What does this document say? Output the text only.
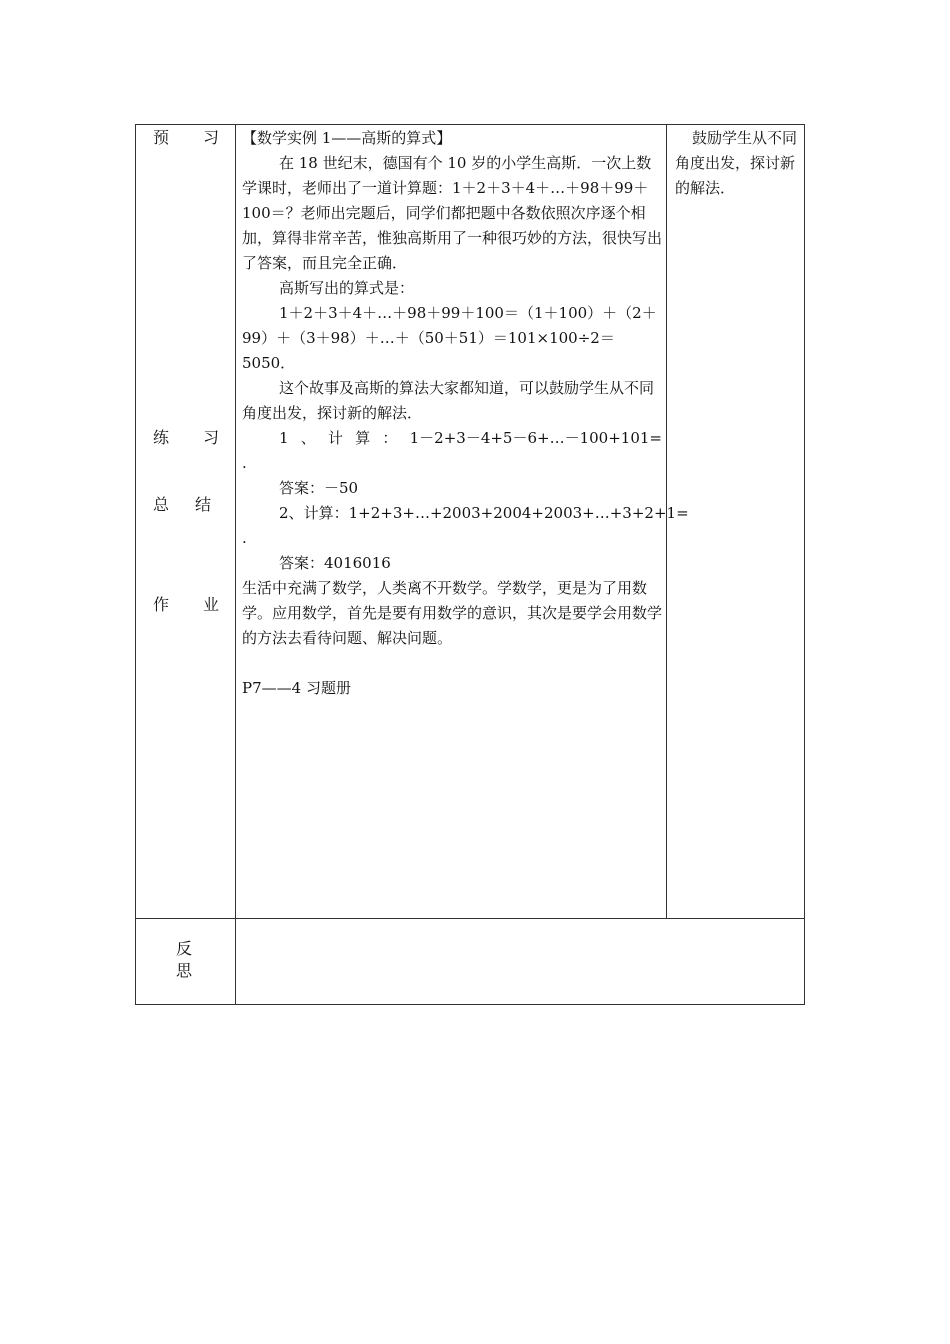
预 习
练 习
总 结
作 业

【数学实例 1——高斯的算式】

在 18 世纪末，德国有个 10 岁的小学生高斯．一次上数学课时，老师出了一道计算题：1＋2＋3＋4＋…＋98＋99＋100＝？老师出完题后，同学们都把题中各数依照次序逐个相加，算得非常辛苦，惟独高斯用了一种很巧妙的方法，很快写出了答案，而且完全正确．

高斯写出的算式是：

1＋2＋3＋4＋…＋98＋99＋100＝（1＋100）＋（2＋99）＋（3＋98）＋…＋（50＋51）＝101×100÷2＝5050．

这个故事及高斯的算法大家都知道，可以鼓励学生从不同角度出发，探讨新的解法．

1 、 计 算 ： 1－2+3－4+5－6+…－100+101=

.

答案：－50

2 、 计 算 ： 1+2+3+…+2003+2004+2003+…+3+2+1=

.

答案：4016016

生活中充满了数学，人类离不开数学。学数学，更是为了用数学。应用数学，首先是要有用数学的意识，其次是要学会用数学的方法去看待问题、解决问题。

P7——4 习题册

鼓励学生从不同角度出发，探讨新的解法．

反
思
